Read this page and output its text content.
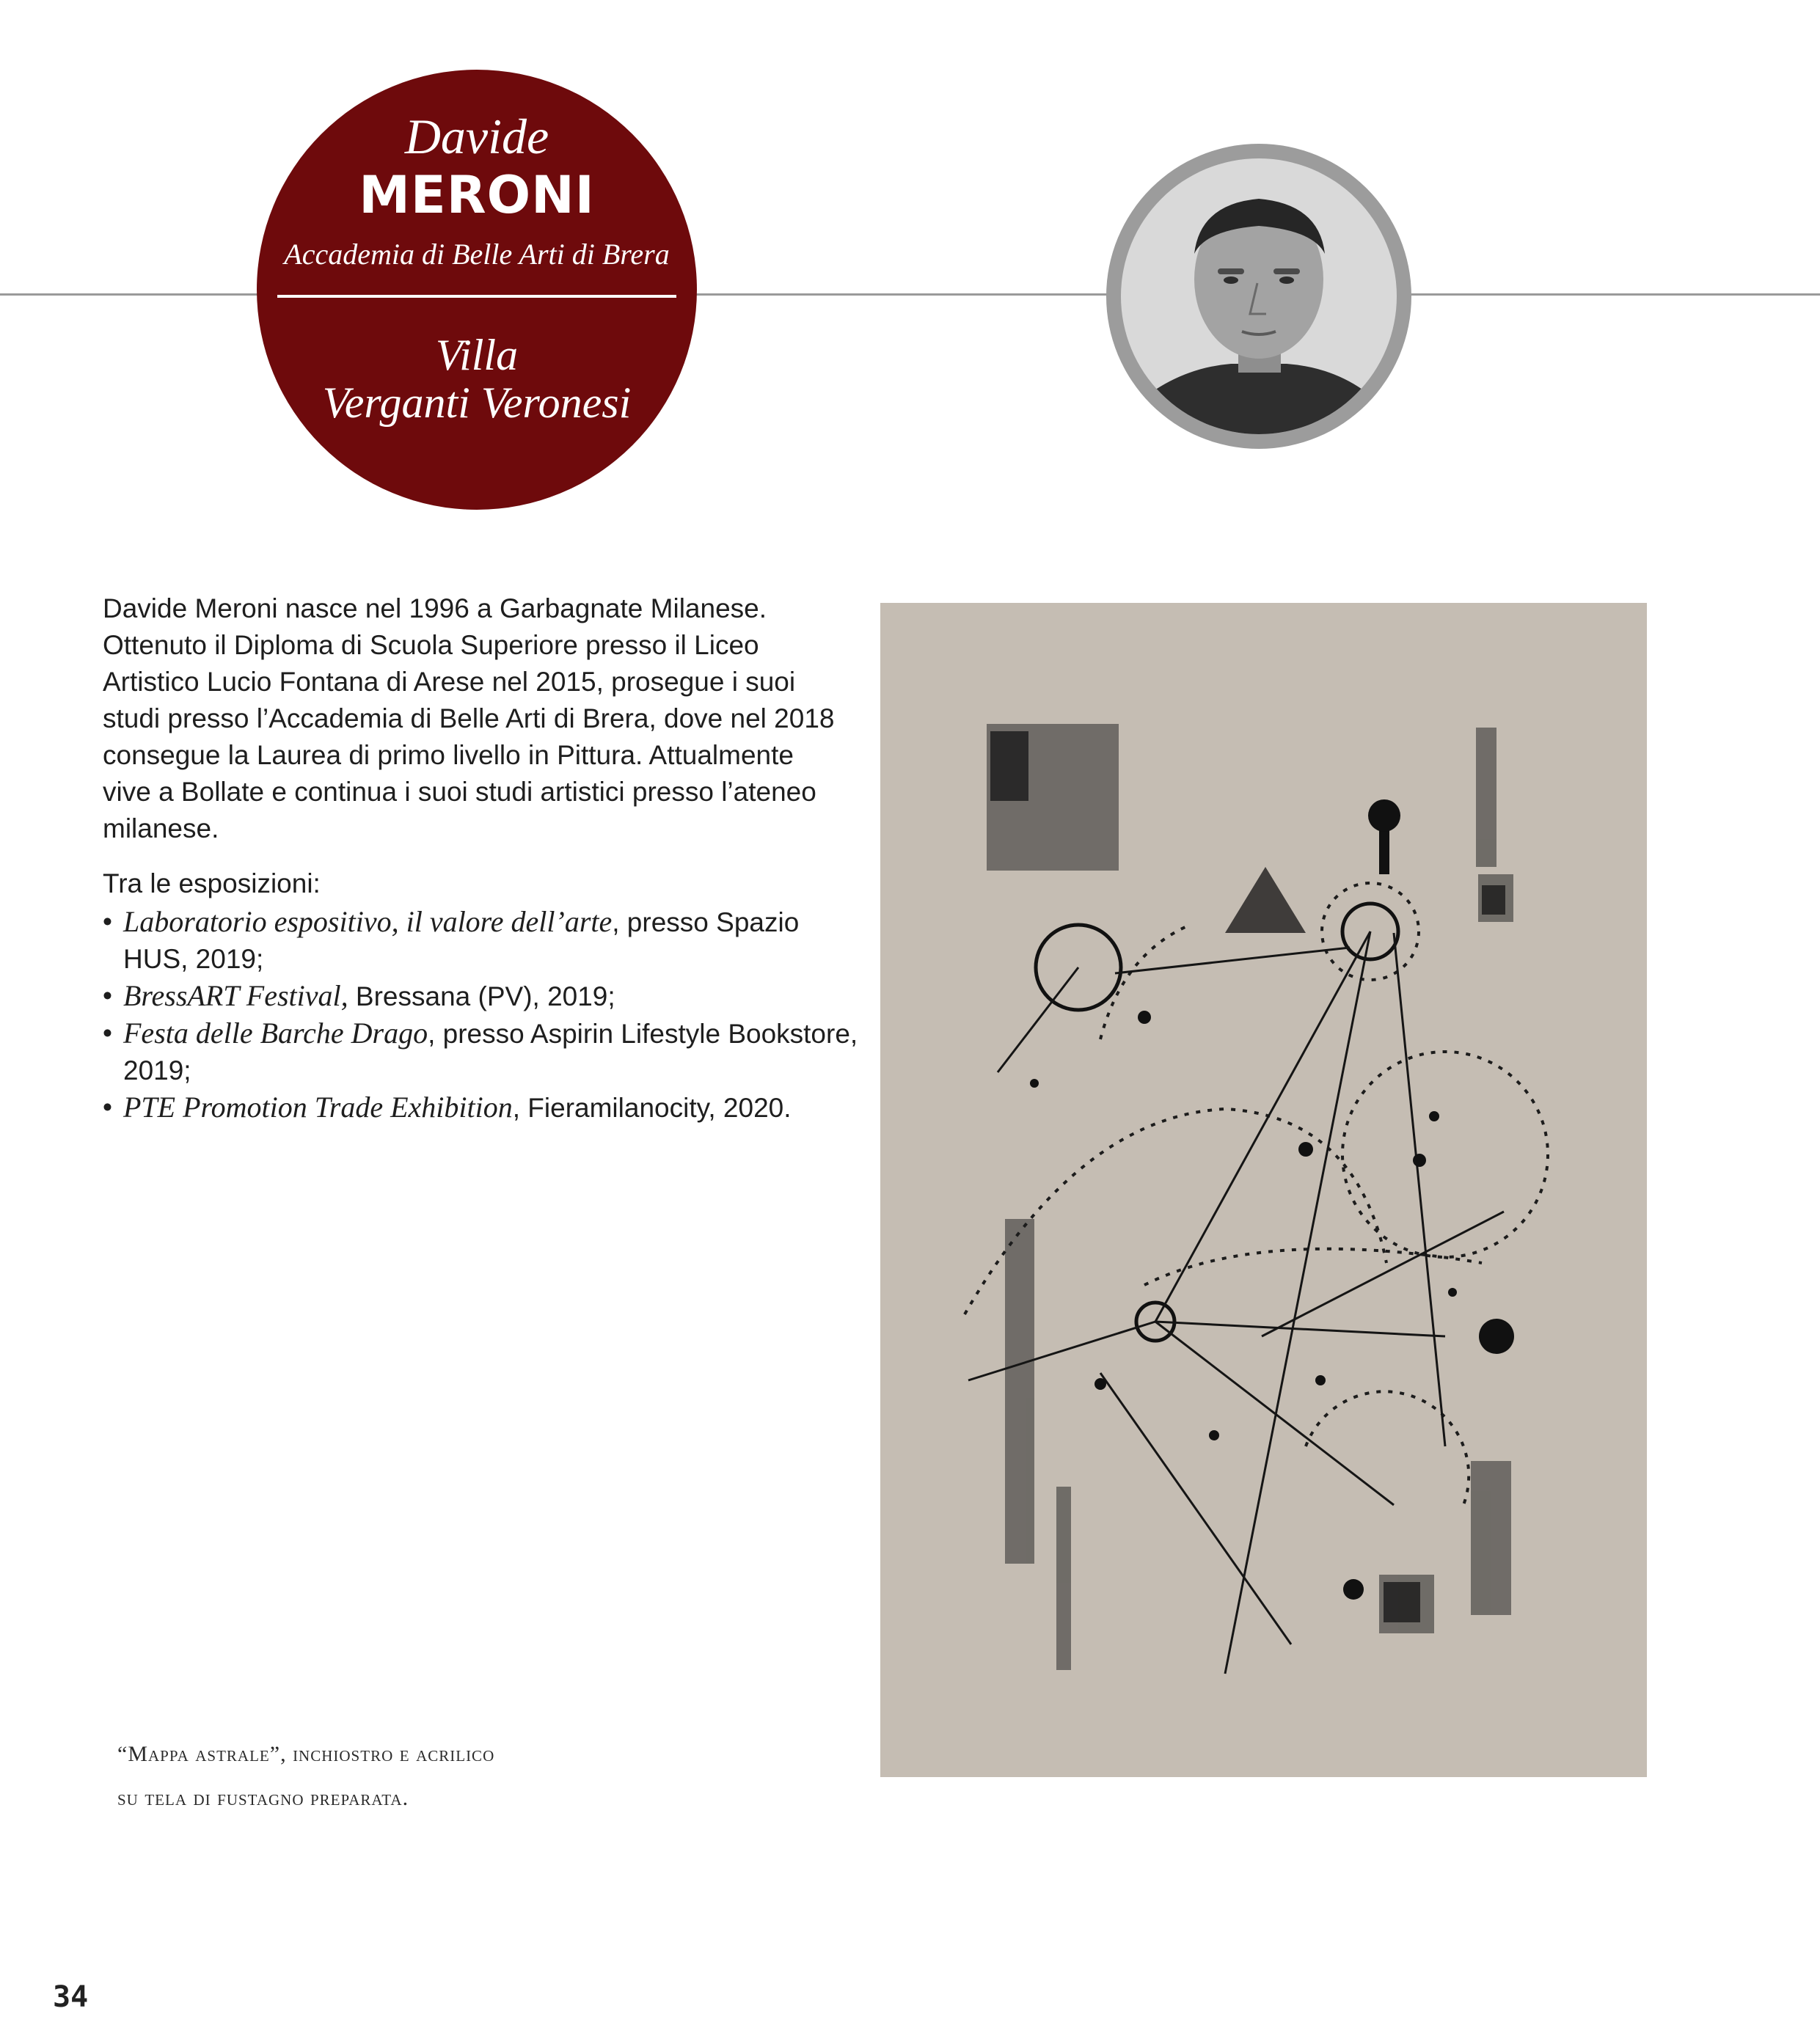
Davide
MERONI
Accademia di Belle Arti di Brera
Villa
Verganti Veronesi

Davide Meroni nasce nel 1996 a Garbagnate Milanese. Ottenuto il Diploma di Scuola Superiore presso il Liceo Artistico Lucio Fontana di Arese nel 2015, prosegue i suoi studi presso l’Accademia di Belle Arti di Brera, dove nel 2018 consegue la Laurea di primo livello in Pittura. Attualmente vive a Bollate e continua i suoi studi artistici presso l’ateneo milanese.

Tra le esposizioni:
• Laboratorio espositivo, il valore dell’arte, presso Spazio HUS, 2019;
• BressART Festival, Bressana (PV), 2019;
• Festa delle Barche Drago, presso Aspirin Lifestyle Bookstore, 2019;
• PTE Promotion Trade Exhibition, Fieramilanocity, 2020.
“Mappa astrale”, inchiostro e acrilico
su tela di fustagno preparata.
34
